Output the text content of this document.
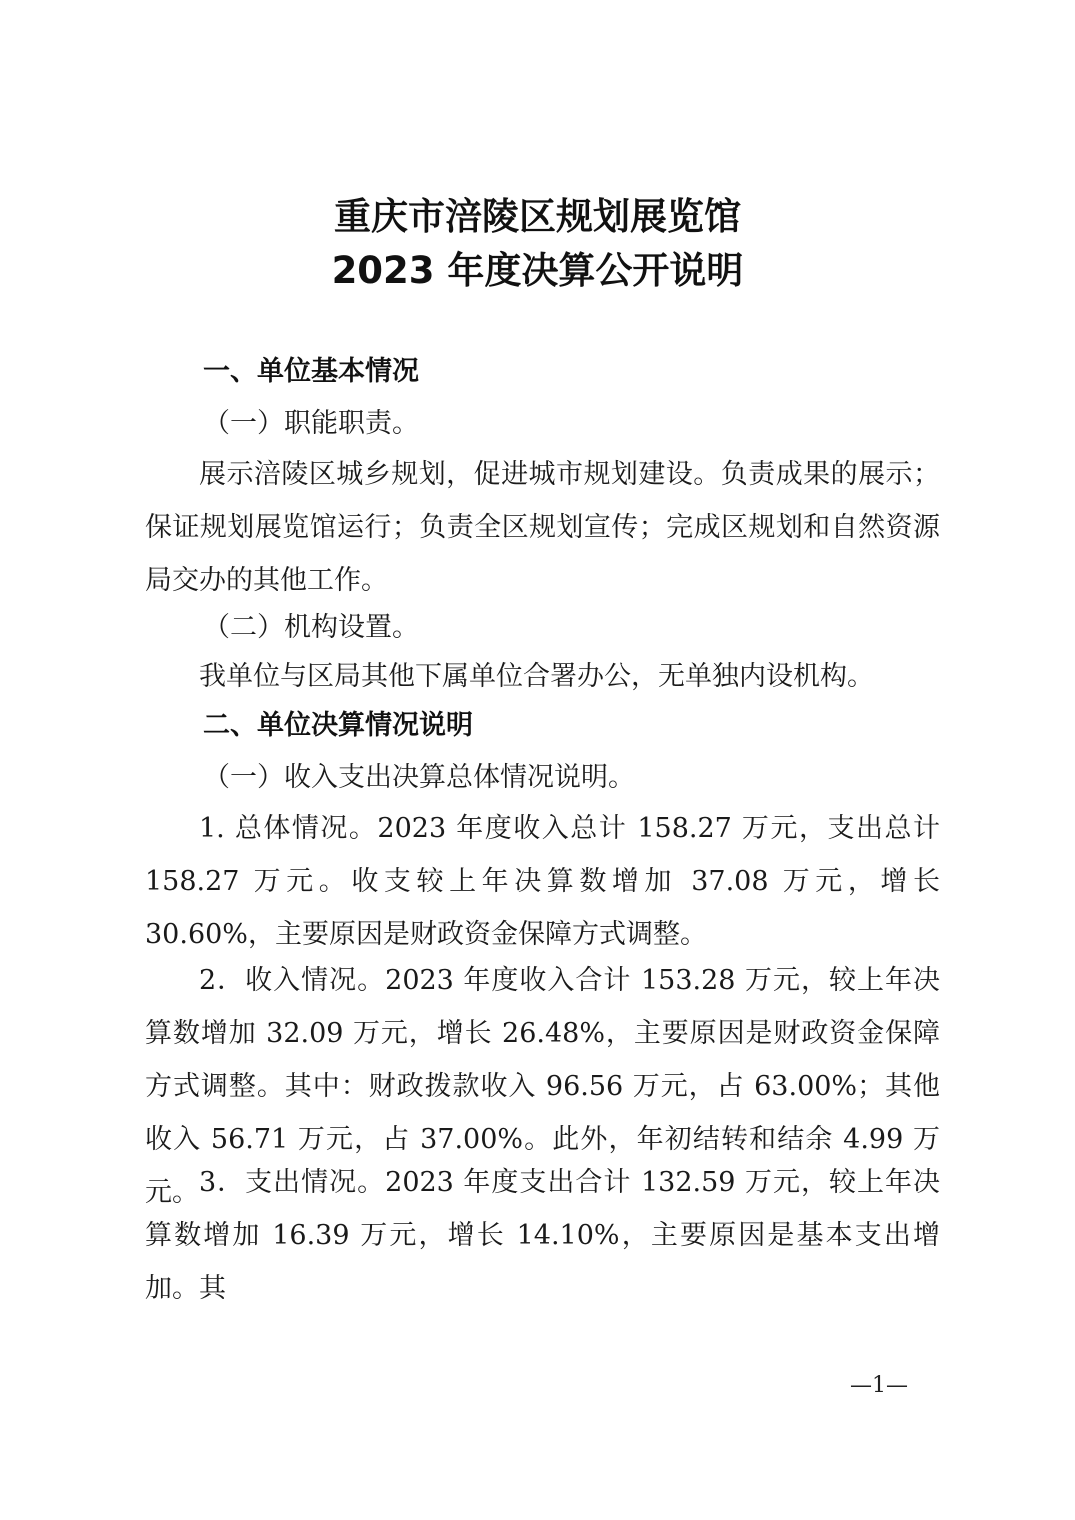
重庆市涪陵区规划展览馆
2023 年度决算公开说明
一、单位基本情况
（一）职能职责。

展示涪陵区城乡规划，促进城市规划建设。负责成果的展示；保证规划展览馆运行；负责全区规划宣传；完成区规划和自然资源局交办的其他工作。

（二）机构设置。

我单位与区局其他下属单位合署办公，无单独内设机构。

二、单位决算情况说明
（一）收入支出决算总体情况说明。

1. 总体情况。2023 年度收入总计 158.27 万元，支出总计 158.27 万元。收支较上年决算数增加 37.08 万元，增长 30.60%，主要原因是财政资金保障方式调整。

2．收入情况。2023 年度收入合计 153.28 万元，较上年决算数增加 32.09 万元，增长 26.48%，主要原因是财政资金保障方式调整。其中：财政拨款收入 96.56 万元，占 63.00%；其他收入 56.71 万元，占 37.00%。此外，年初结转和结余 4.99 万元。 3．支出情况。2023 年度支出合计 132.59 万元，较上年决算数增加 16.39 万元，增长 14.10%，主要原因是基本支出增加。其

—1—
